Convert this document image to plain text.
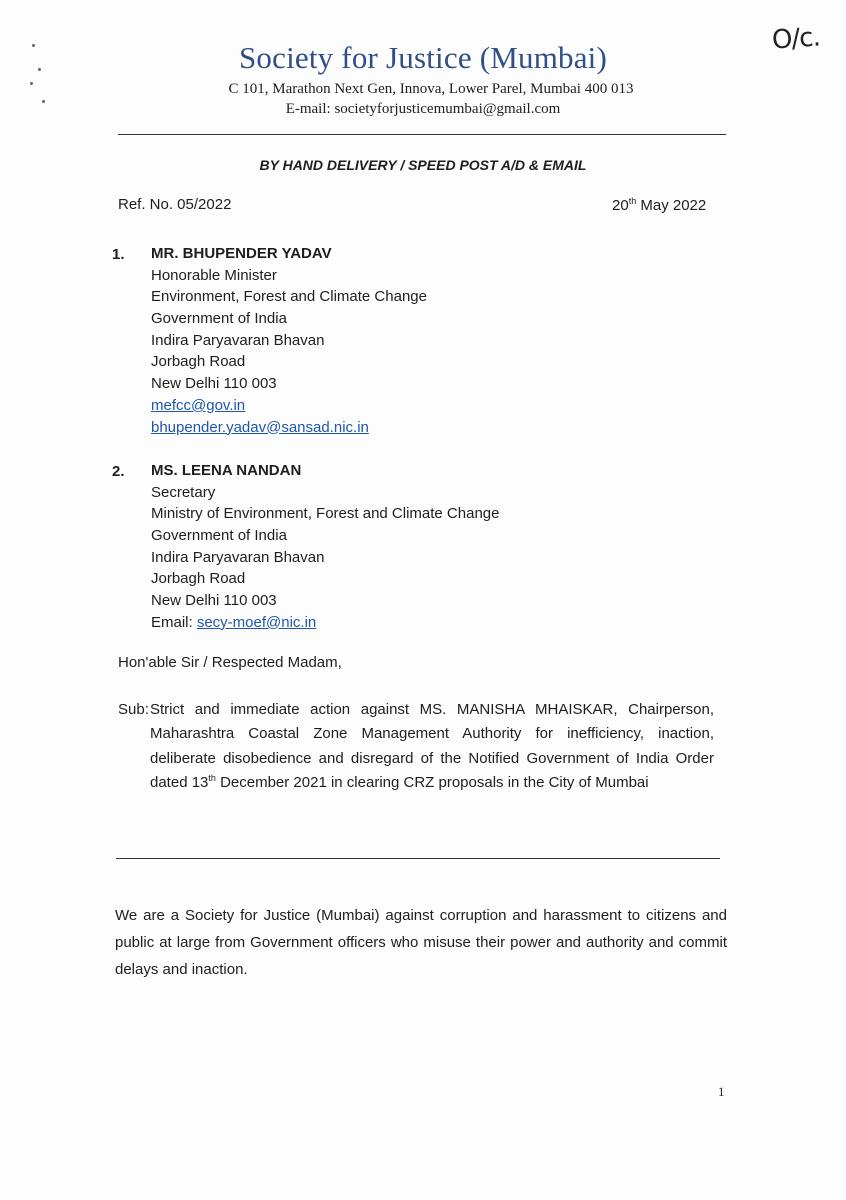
O/c.
Society for Justice (Mumbai)
C 101, Marathon Next Gen, Innova, Lower Parel, Mumbai 400 013
E-mail: societyforjusticemumbai@gmail.com
BY HAND DELIVERY / SPEED POST A/D & EMAIL
Ref. No. 05/2022	20th May 2022
1. MR. BHUPENDER YADAV
Honorable Minister
Environment, Forest and Climate Change
Government of India
Indira Paryavaran Bhavan
Jorbagh Road
New Delhi 110 003
mefcc@gov.in
bhupender.yadav@sansad.nic.in
2. MS. LEENA NANDAN
Secretary
Ministry of Environment, Forest and Climate Change
Government of India
Indira Paryavaran Bhavan
Jorbagh Road
New Delhi 110 003
Email: secy-moef@nic.in
Hon'able Sir / Respected Madam,
Sub: Strict and immediate action against MS. MANISHA MHAISKAR, Chairperson, Maharashtra Coastal Zone Management Authority for inefficiency, inaction, deliberate disobedience and disregard of the Notified Government of India Order dated 13th December 2021 in clearing CRZ proposals in the City of Mumbai
We are a Society for Justice (Mumbai) against corruption and harassment to citizens and public at large from Government officers who misuse their power and authority and commit delays and inaction.
1
